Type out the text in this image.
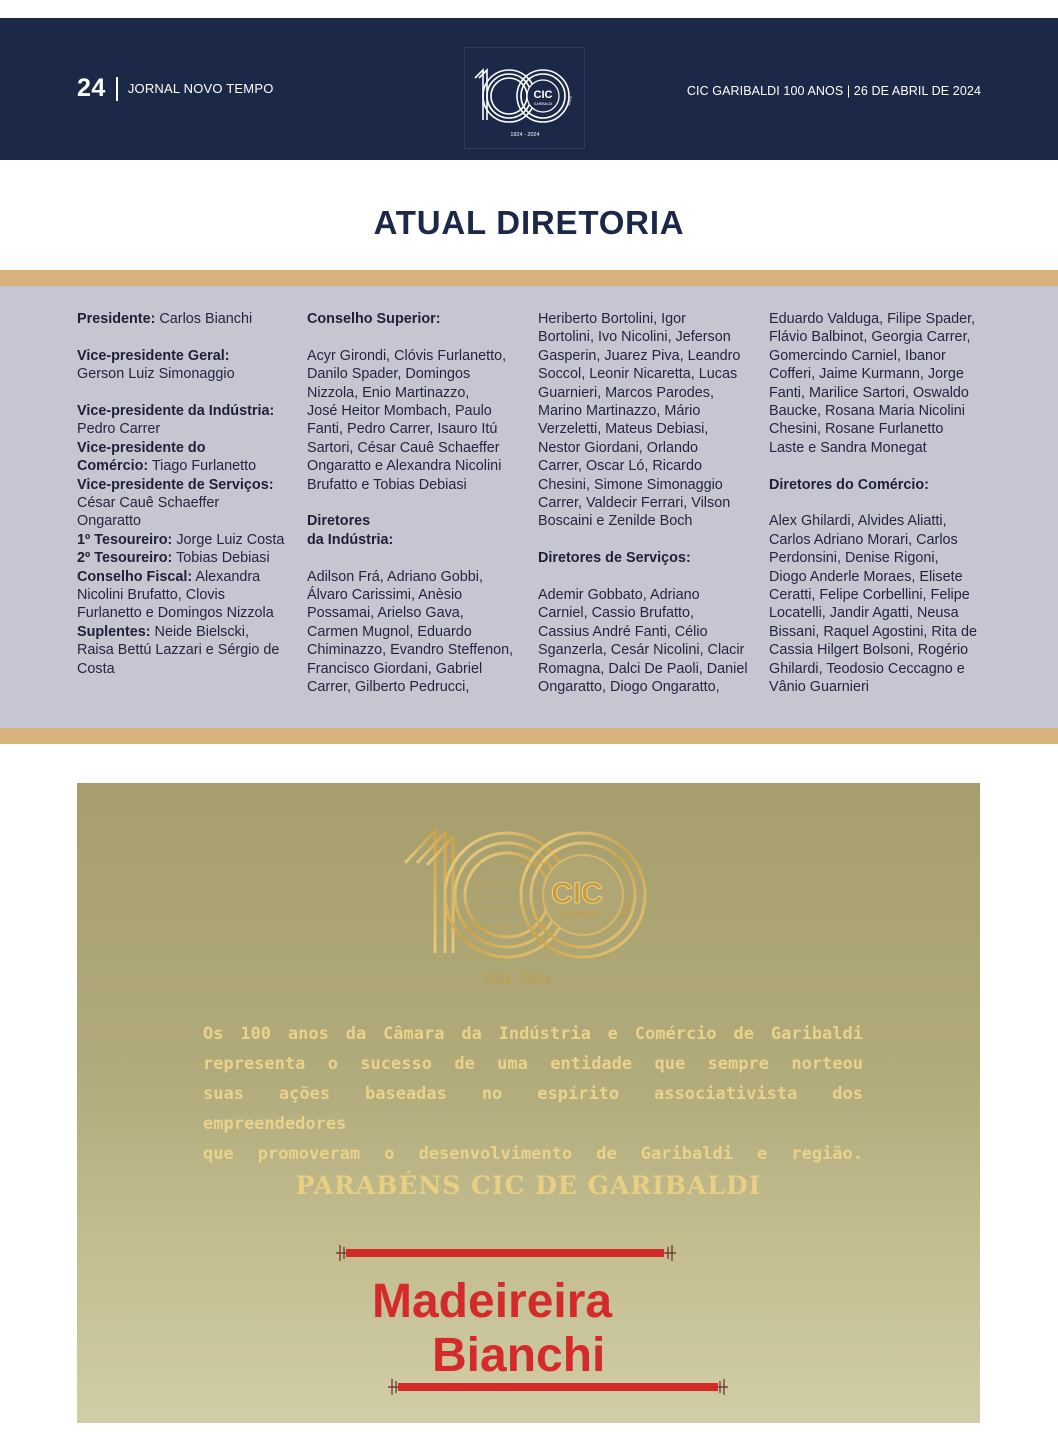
24 JORNAL NOVO TEMPO	CIC
GARIBALDI	ANOS
1924 - 2024
CIC GARIBALDI 100 ANOS | 26 DE ABRIL DE 2024
ATUAL DIRETORIA

Presidente: Carlos Bianchi

Vice-presidente Geral:

Gerson Luiz Simonaggio

Vice-presidente da Indústria:

Pedro Carrer

Vice-presidente do

Comércio: Tiago Furlanetto

Vice-presidente de Serviços:

César Cauê Schaeffer

Ongaratto

1º Tesoureiro: Jorge Luiz Costa

2º Tesoureiro: Tobias Debiasi

Conselho Fiscal: Alexandra

Nicolini Brufatto, Clovis

Furlanetto e Domingos Nizzola

Suplentes: Neide Bielscki,

Raisa Bettú Lazzari e Sérgio de

Costa

Conselho Superior:

Acyr Girondi, Clóvis Furlanetto,

Danilo Spader, Domingos

Nizzola, Enio Martinazzo,

José Heitor Mombach, Paulo

Fanti, Pedro Carrer, Isauro Itú

Sartori, César Cauê Schaeffer

Ongaratto e Alexandra Nicolini

Brufatto e Tobias Debiasi

Diretores

da Indústria:

Adilson Frá, Adriano Gobbi,

Álvaro Carissimi, Anèsio

Possamai, Arielso Gava,

Carmen Mugnol, Eduardo

Chiminazzo, Evandro Steffenon,

Francisco Giordani, Gabriel

Carrer, Gilberto Pedrucci,

Heriberto Bortolini, Igor

Bortolini, Ivo Nicolini, Jeferson

Gasperin, Juarez Piva, Leandro

Soccol, Leonir Nicaretta, Lucas

Guarnieri, Marcos Parodes,

Marino Martinazzo, Mário

Verzeletti, Mateus Debiasi,

Nestor Giordani, Orlando

Carrer, Oscar Ló, Ricardo

Chesini, Simone Simonaggio

Carrer, Valdecir Ferrari, Vilson

Boscaini e Zenilde Boch

Diretores de Serviços:

Ademir Gobbato, Adriano

Carniel, Cassio Brufatto,

Cassius André Fanti, Célio

Sganzerla, Cesár Nicolini, Clacir

Romagna, Dalci De Paoli, Daniel

Ongaratto, Diogo Ongaratto,

Eduardo Valduga, Filipe Spader,

Flávio Balbinot, Georgia Carrer,

Gomercindo Carniel, Ibanor

Cofferi, Jaime Kurmann, Jorge

Fanti, Marilice Sartori, Oswaldo

Baucke, Rosana Maria Nicolini

Chesini, Rosane Furlanetto

Laste e Sandra Monegat

Diretores do Comércio:

Alex Ghilardi, Alvides Aliatti,

Carlos Adriano Morari, Carlos

Perdonsini, Denise Rigoni,

Diogo Anderle Moraes, Elisete

Ceratti, Felipe Corbellini, Felipe

Locatelli, Jandir Agatti, Neusa

Bissani, Raquel Agostini, Rita de

Cassia Hilgert Bolsoni, Rogério

Ghilardi, Teodosio Ceccagno e

Vânio Guarnieri

CIC
GARIBALDI ANOS
1924 - 2024
Os 100 anos da Câmara da Indústria e Comércio de Garibaldi
representa o sucesso de uma entidade que sempre norteou
suas ações baseadas no espírito associativista dos empreendedores
que promoveram o desenvolvimento de Garibaldi e região.
PARABÉNS CIC DE GARIBALDI
Madeireira
Bianchi
